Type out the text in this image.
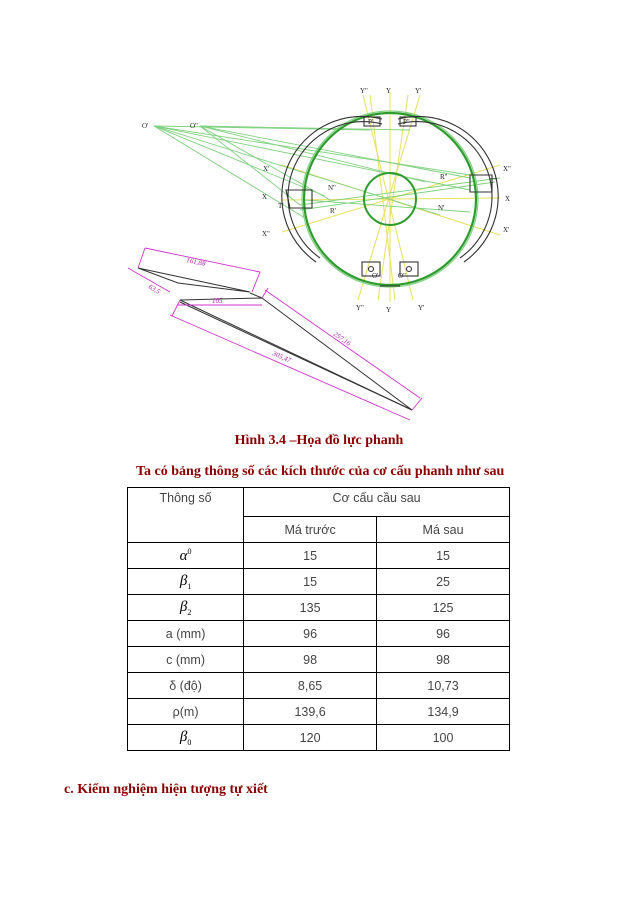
O'	O"
Y"	Y	Y'
Y"	Y	Y'
X'
X
X"
X"
X
X'
P'	P"
N"
N'
R'
R"
T'
T"
O'	O"
161,88
63,5
105
257,16
305,47
Hình 3.4 –Họa đồ lực phanh
Ta có bảng thông số các kích thước của cơ cấu phanh như sau
Thông số	Cơ cấu cầu sau	
	Má trước	Má sau
$\alpha^0$	15	15
$\beta_1$	15	25
$\beta_2$	135	125
a (mm)	96	96
c (mm)	98	98
δ (độ)	8,65	10,73
ρ(m)	139,6	134,9
$\beta_0$	120	100
c. Kiểm nghiệm hiện tượng tự xiết
